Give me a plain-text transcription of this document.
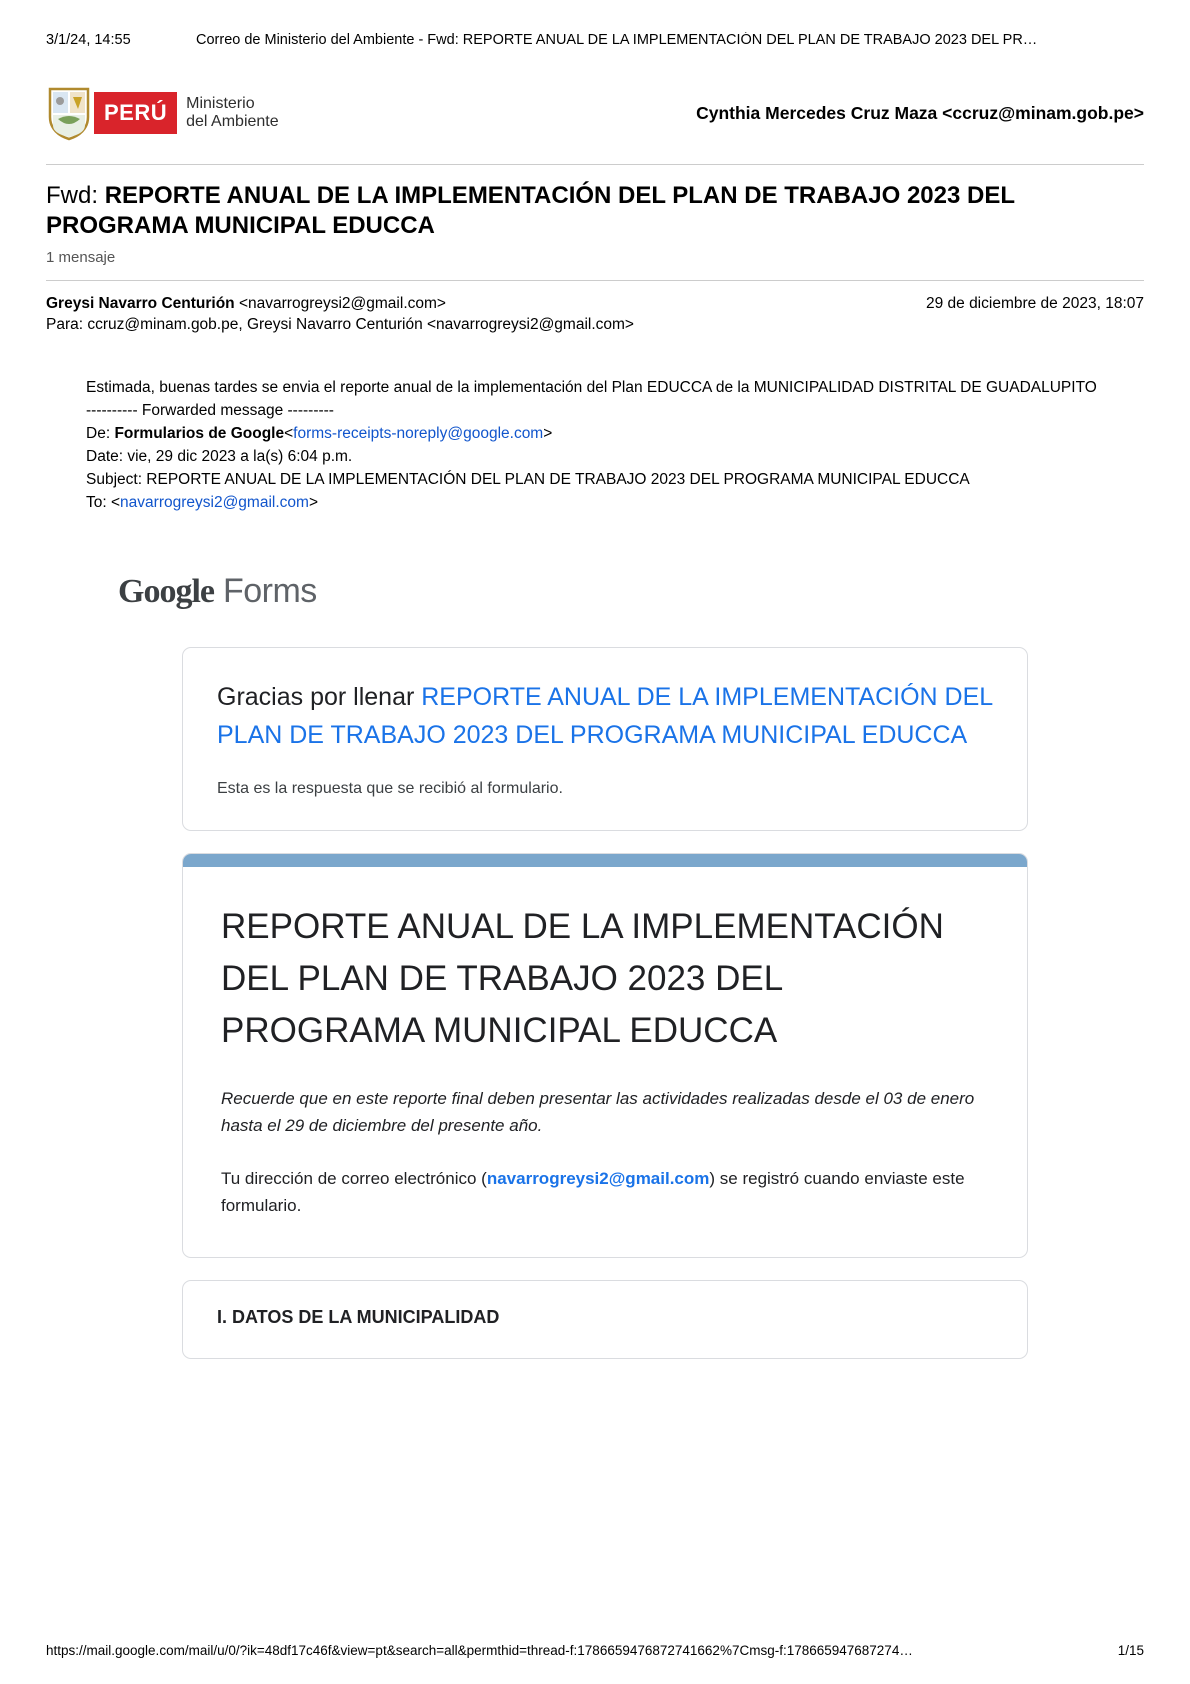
3/1/24, 14:55	Correo de Ministerio del Ambiente - Fwd: REPORTE ANUAL DE LA IMPLEMENTACIÓN DEL PLAN DE TRABAJO 2023 DEL PR…
PERÚ	Ministerio
del Ambiente	Cynthia Mercedes Cruz Maza <ccruz@minam.gob.pe>
Fwd: REPORTE ANUAL DE LA IMPLEMENTACIÓN DEL PLAN DE TRABAJO 2023 DEL PROGRAMA MUNICIPAL EDUCCA
1 mensaje
Greysi Navarro Centurión <navarrogreysi2@gmail.com>	29 de diciembre de 2023, 18:07
Para: ccruz@minam.gob.pe, Greysi Navarro Centurión <navarrogreysi2@gmail.com>

Estimada, buenas tardes se envia el reporte anual de la implementación del Plan EDUCCA de la MUNICIPALIDAD DISTRITAL DE GUADALUPITO

---------- Forwarded message ---------

De: Formularios de Google<forms-receipts-noreply@google.com>

Date: vie, 29 dic 2023 a la(s) 6:04 p.m.

Subject: REPORTE ANUAL DE LA IMPLEMENTACIÓN DEL PLAN DE TRABAJO 2023 DEL PROGRAMA MUNICIPAL EDUCCA

To: <navarrogreysi2@gmail.com>

Google Forms
Gracias por llenar REPORTE ANUAL DE LA IMPLEMENTACIÓN DEL PLAN DE TRABAJO 2023 DEL PROGRAMA MUNICIPAL EDUCCA
Esta es la respuesta que se recibió al formulario.
REPORTE ANUAL DE LA IMPLEMENTACIÓN DEL PLAN DE TRABAJO 2023 DEL PROGRAMA MUNICIPAL EDUCCA
Recuerde que en este reporte final deben presentar las actividades realizadas desde el 03 de enero hasta el 29 de diciembre del presente año.
Tu dirección de correo electrónico (navarrogreysi2@gmail.com) se registró cuando enviaste este formulario.
I. DATOS DE LA MUNICIPALIDAD
https://mail.google.com/mail/u/0/?ik=48df17c46f&view=pt&search=all&permthid=thread-f:1786659476872741662%7Cmsg-f:178665947687274…	1/15
